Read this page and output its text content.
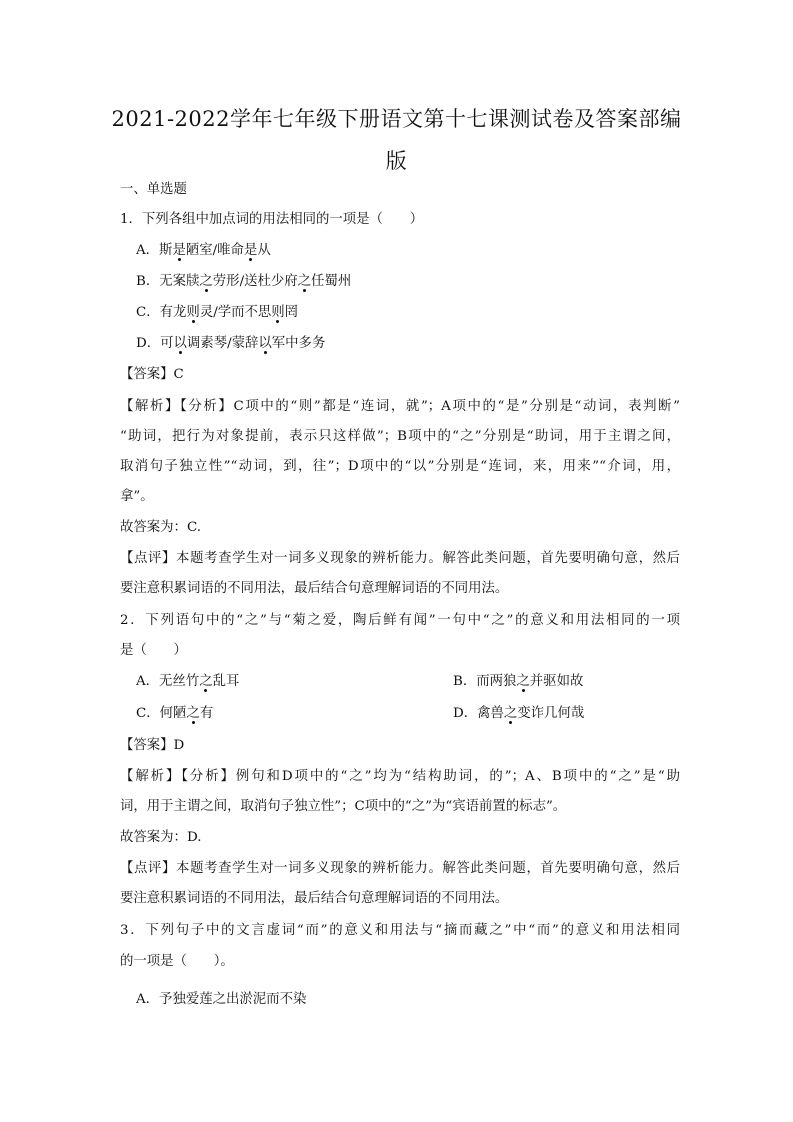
2021-2022学年七年级下册语文第十七课测试卷及答案部编
版
一、单选题
1．下列各组中加点词的用法相同的一项是（　　）
A．斯是陋室/唯命是从
B．无案牍之劳形/送杜少府之任蜀州
C．有龙则灵/学而不思则罔
D．可以调素琴/蒙辞以军中多务
【答案】C
【解析】【分析】C项中的“则”都是“连词，就”；A项中的“是”分别是“动词，表判断”
“助词，把行为对象提前，表示只这样做”；B项中的“之”分别是“助词，用于主谓之间，
取消句子独立性”“动词，到，往”；D项中的“以”分别是“连词，来，用来”“介词，用，
拿”。
故答案为：C.
【点评】本题考查学生对一词多义现象的辨析能力。解答此类问题，首先要明确句意，然后
要注意积累词语的不同用法，最后结合句意理解词语的不同用法。
2．下列语句中的“之”与“菊之爱，陶后鲜有闻”一句中“之”的意义和用法相同的一项
是（　　）
A．无丝竹之乱耳	B．而两狼之并驱如故
C．何陋之有	D．禽兽之变诈几何哉
【答案】D
【解析】【分析】例句和D项中的“之”均为“结构助词，的”；A、B项中的“之”是“助
词，用于主谓之间，取消句子独立性”；C项中的“之”为“宾语前置的标志”。
故答案为：D.
【点评】本题考查学生对一词多义现象的辨析能力。解答此类问题，首先要明确句意，然后
要注意积累词语的不同用法，最后结合句意理解词语的不同用法。
3．下列句子中的文言虚词“而”的意义和用法与“摘而藏之”中“而”的意义和用法相同
的一项是（　　）。
A．予独爱莲之出淤泥而不染
